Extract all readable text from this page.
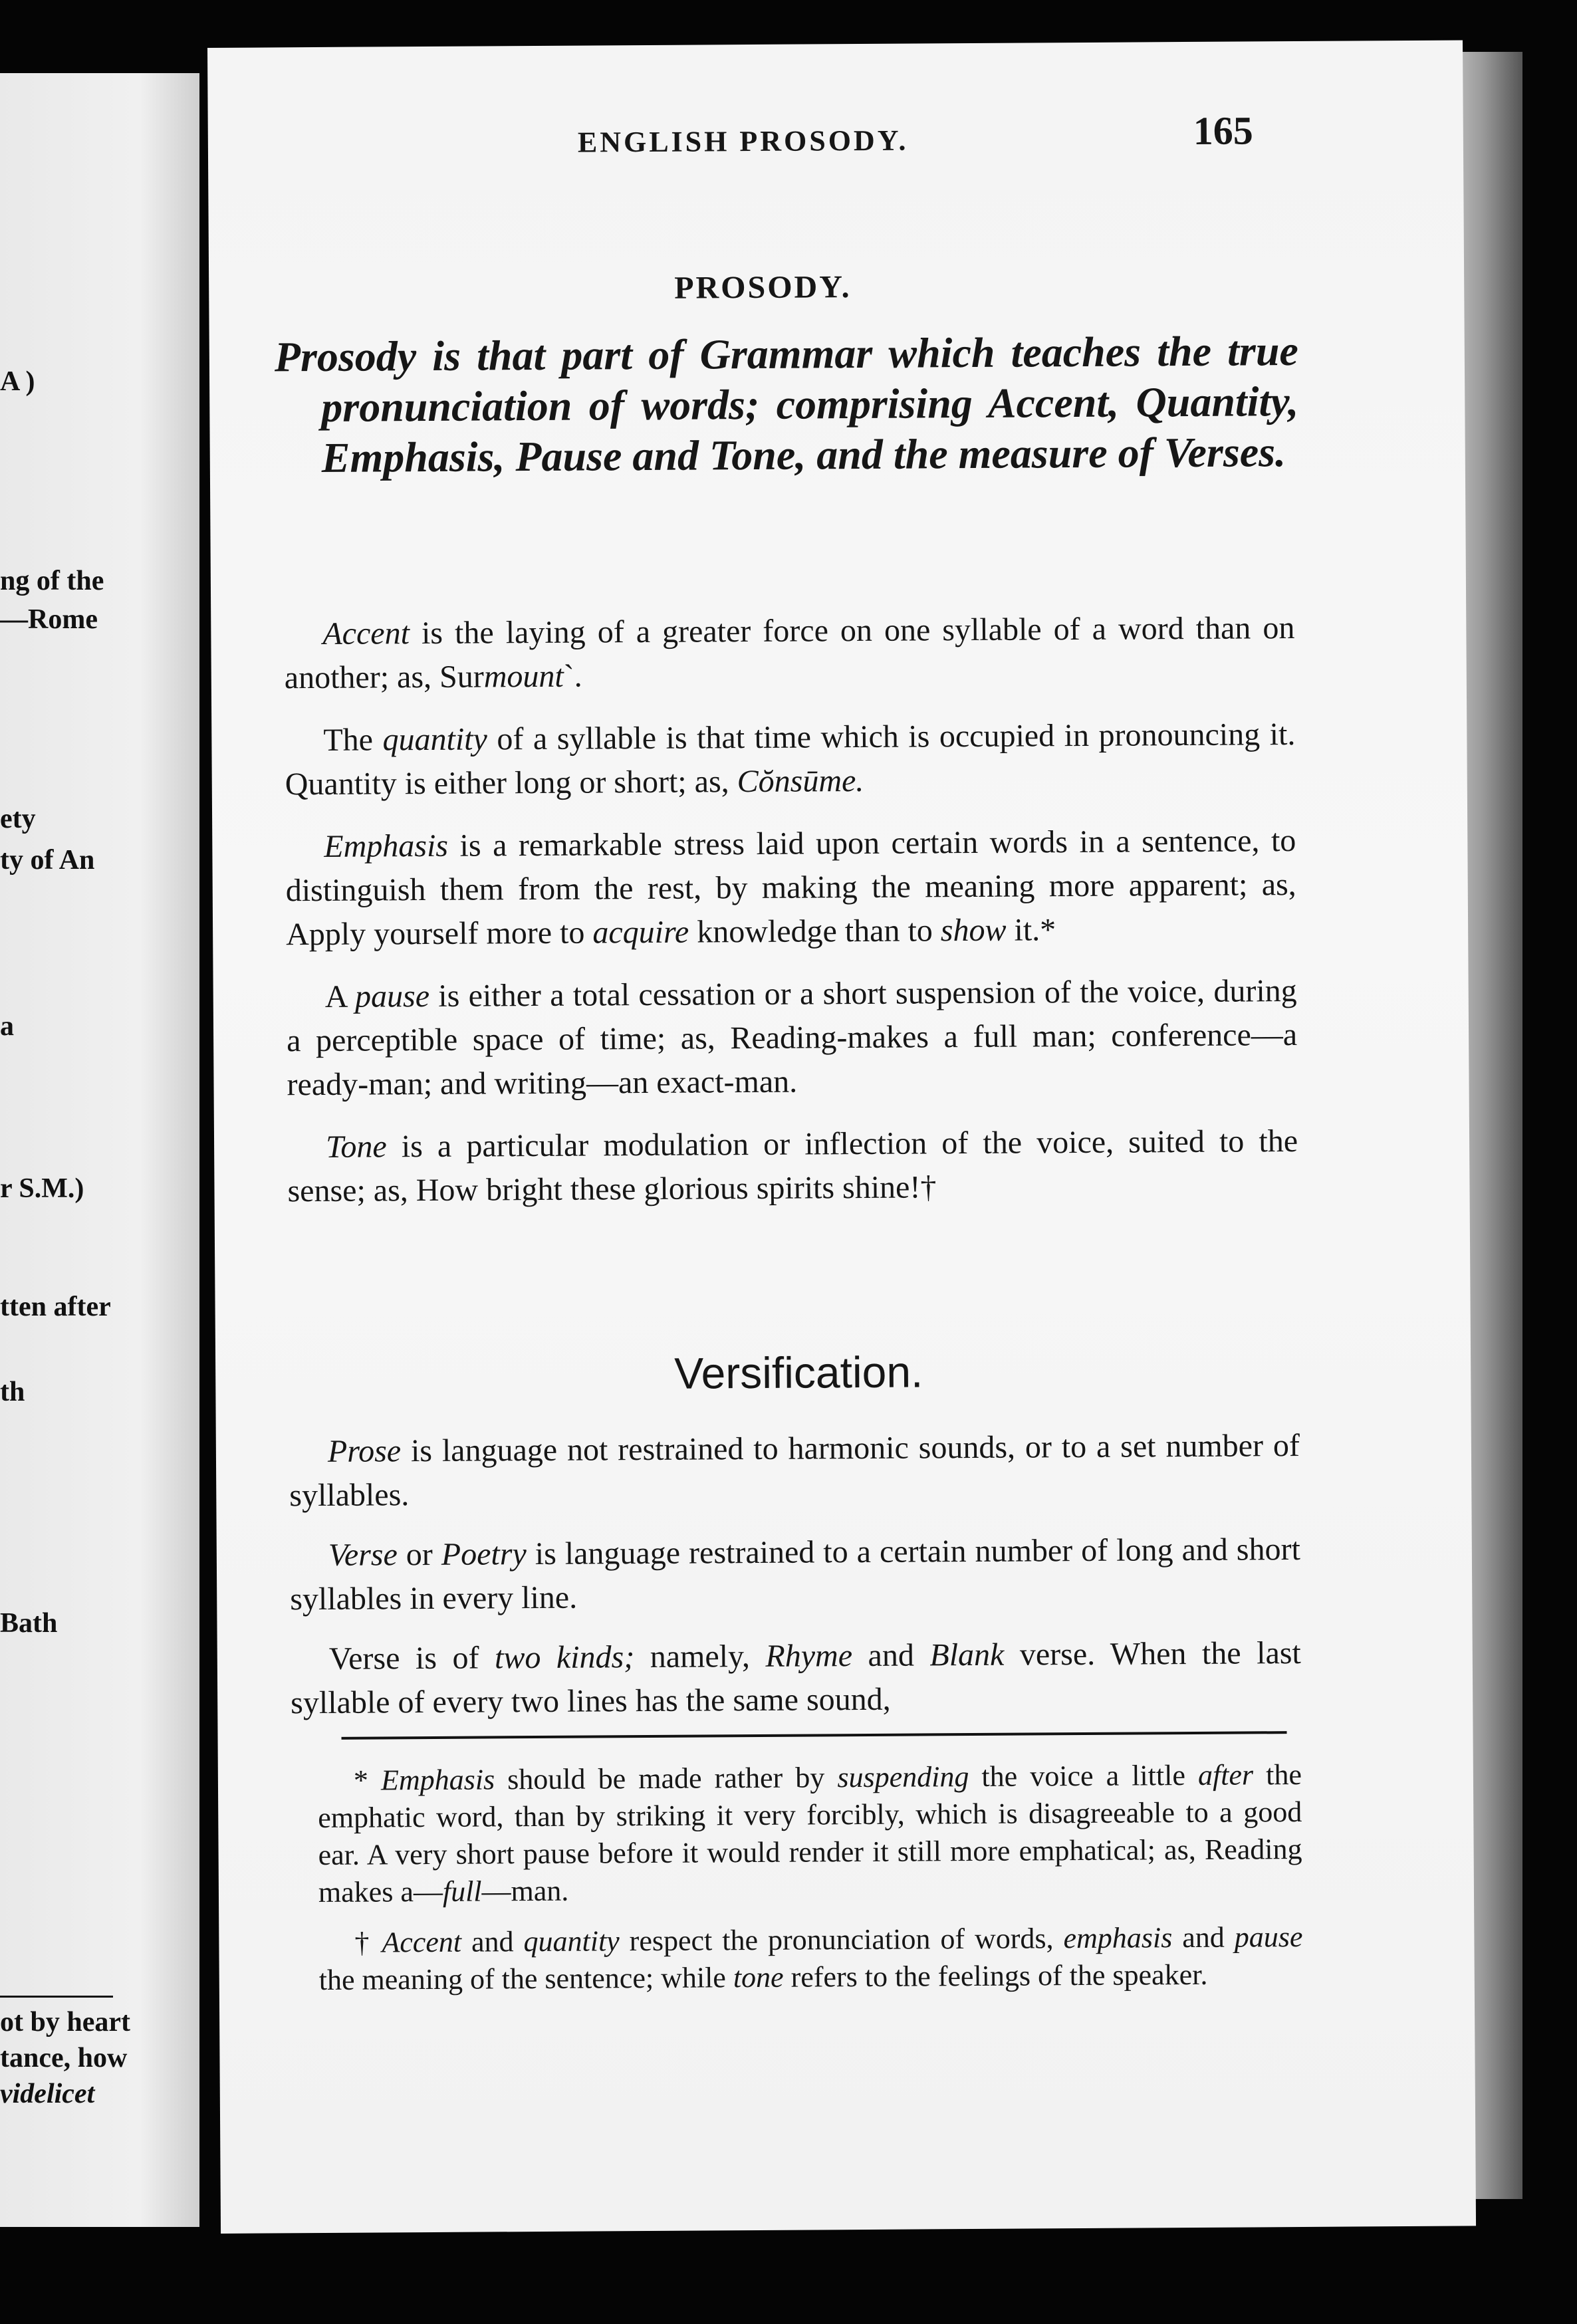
A )
ng of the
—Rome
ety
ty of An
a
r S.M.)
tten after
th
Bath
ot by heart
tance, how
videlicet
ENGLISH PROSODY.	165
PROSODY.
Prosody is that part of Grammar which teaches the true pronunciation of words; comprising Accent, Quantity, Emphasis, Pause and Tone, and the measure of Verses.

Accent is the laying of a greater force on one syllable of a word than on another; as, Surmount`.

The quantity of a syllable is that time which is occupied in pronouncing it. Quantity is either long or short; as, Cŏnsūme.

Emphasis is a remarkable stress laid upon certain words in a sentence, to distinguish them from the rest, by making the meaning more apparent; as, Apply yourself more to acquire knowledge than to show it.*

A pause is either a total cessation or a short suspension of the voice, during a perceptible space of time; as, Reading-makes a full man; conference—a ready-man; and writing—an exact-man.

Tone is a particular modulation or inflection of the voice, suited to the sense; as, How bright these glorious spirits shine!†

Versification.

Prose is language not restrained to harmonic sounds, or to a set number of syllables.

Verse or Poetry is language restrained to a certain number of long and short syllables in every line.

Verse is of two kinds; namely, Rhyme and Blank verse. When the last syllable of every two lines has the same sound,

* Emphasis should be made rather by suspending the voice a little after the emphatic word, than by striking it very forcibly, which is disagreeable to a good ear. A very short pause before it would render it still more emphatical; as, Reading makes a—full—man.

† Accent and quantity respect the pronunciation of words, emphasis and pause the meaning of the sentence; while tone refers to the feelings of the speaker.
